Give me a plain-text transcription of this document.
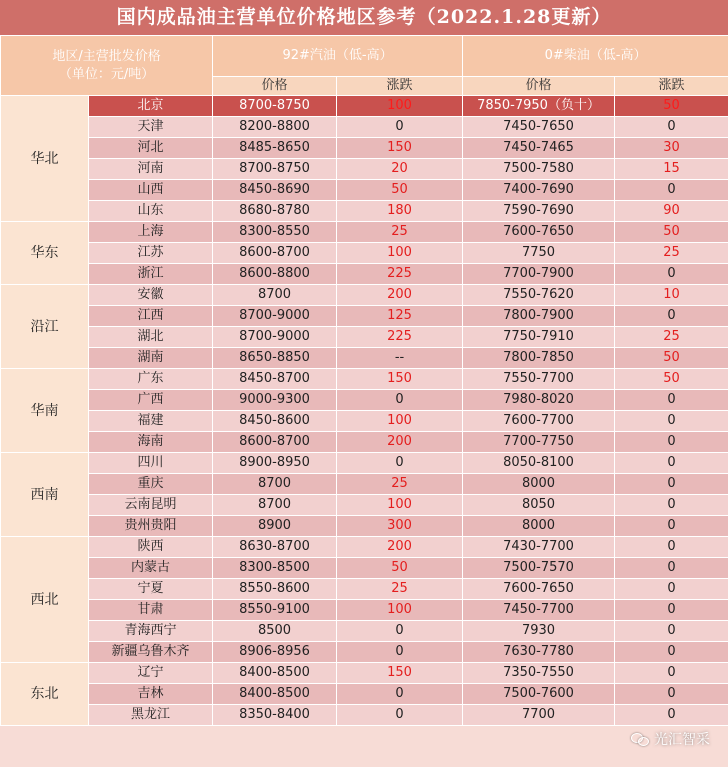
国内成品油主营单位价格地区参考（2022.1.28更新）
地区/主营批发价格
（单位：元/吨）		92#汽油（低-高）		0#柴油（低-高）	
		价格	涨跌	价格	涨跌
华北	北京	8700-8750	100	7850-7950（负十）	50
	天津	8200-8800	0	7450-7650	0
	河北	8485-8650	150	7450-7465	30
	河南	8700-8750	20	7500-7580	15
	山西	8450-8690	50	7400-7690	0
	山东	8680-8780	180	7590-7690	90
华东	上海	8300-8550	25	7600-7650	50
	江苏	8600-8700	100	7750	25
	浙江	8600-8800	225	7700-7900	0
沿江	安徽	8700	200	7550-7620	10
	江西	8700-9000	125	7800-7900	0
	湖北	8700-9000	225	7750-7910	25
	湖南	8650-8850	--	7800-7850	50
华南	广东	8450-8700	150	7550-7700	50
	广西	9000-9300	0	7980-8020	0
	福建	8450-8600	100	7600-7700	0
	海南	8600-8700	200	7700-7750	0
西南	四川	8900-8950	0	8050-8100	0
	重庆	8700	25	8000	0
	云南昆明	8700	100	8050	0
	贵州贵阳	8900	300	8000	0
西北	陕西	8630-8700	200	7430-7700	0
	内蒙古	8300-8500	50	7500-7570	0
	宁夏	8550-8600	25	7600-7650	0
	甘肃	8550-9100	100	7450-7700	0
	青海西宁	8500	0	7930	0
	新疆乌鲁木齐	8906-8956	0	7630-7780	0
东北	辽宁	8400-8500	150	7350-7550	0
	吉林	8400-8500	0	7500-7600	0
	黑龙江	8350-8400	0	7700	0
光汇智采
